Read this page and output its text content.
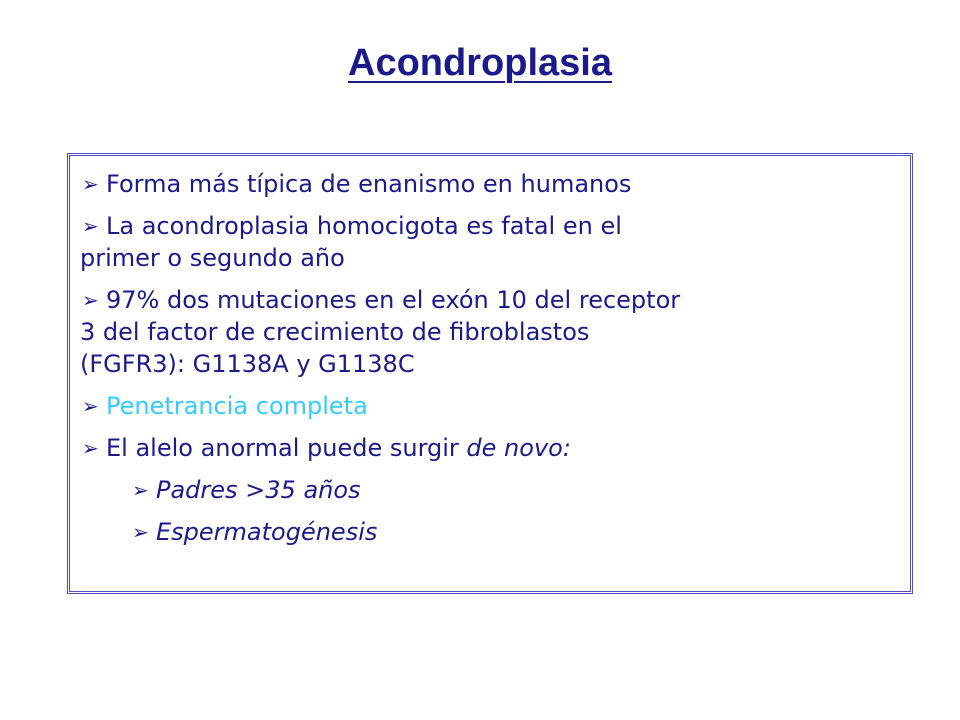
Acondroplasia
➢ Forma más típica de enanismo en humanos
➢ La acondroplasia homocigota es fatal en el
primer o segundo año
➢ 97% dos mutaciones en el exón 10 del receptor
3 del factor de crecimiento de fibroblastos
(FGFR3): G1138A y G1138C
➢ Penetrancia completa
➢ El alelo anormal puede surgir de novo:
➢ Padres >35 años
➢ Espermatogénesis
